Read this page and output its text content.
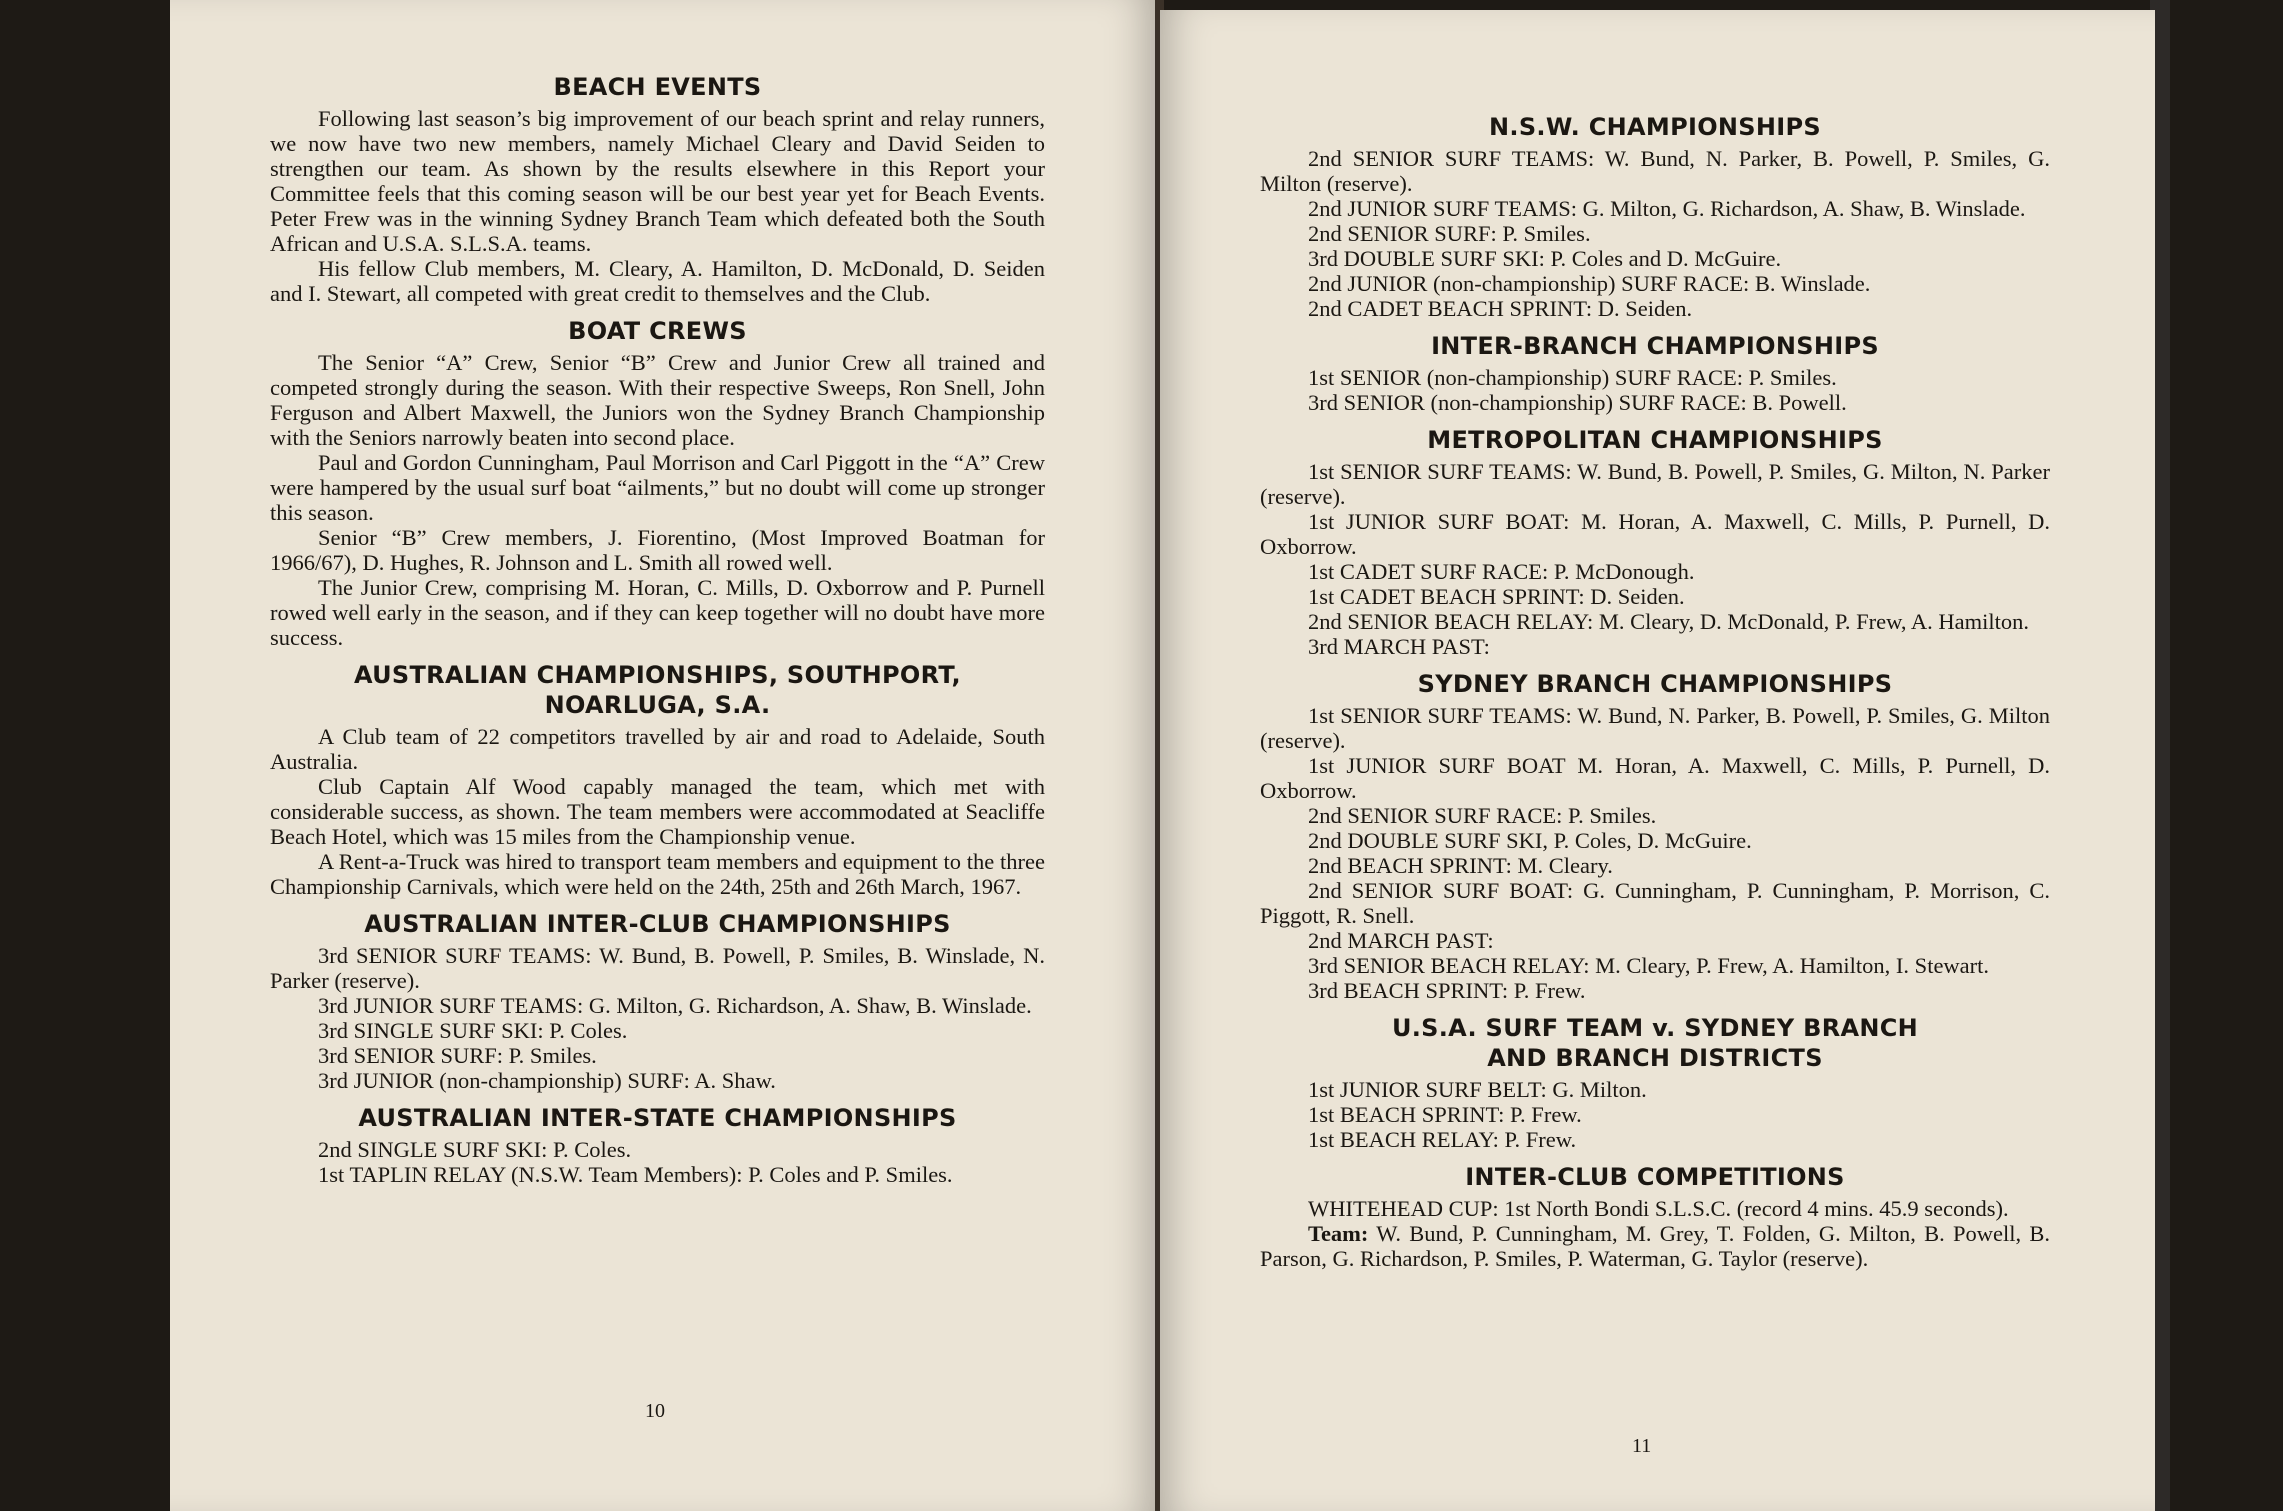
BEACH EVENTS

Following last season’s big improvement of our beach sprint and relay runners, we now have two new members, namely Michael Cleary and David Seiden to strengthen our team. As shown by the results elsewhere in this Report your Committee feels that this coming season will be our best year yet for Beach Events. Peter Frew was in the winning Sydney Branch Team which defeated both the South African and U.S.A. S.L.S.A. teams.

His fellow Club members, M. Cleary, A. Hamilton, D. McDonald, D. Seiden and I. Stewart, all competed with great credit to themselves and the Club.

BOAT CREWS

The Senior “A” Crew, Senior “B” Crew and Junior Crew all trained and competed strongly during the season. With their respective Sweeps, Ron Snell, John Ferguson and Albert Maxwell, the Juniors won the Sydney Branch Championship with the Seniors narrowly beaten into second place.

Paul and Gordon Cunningham, Paul Morrison and Carl Piggott in the “A” Crew were hampered by the usual surf boat “ailments,” but no doubt will come up stronger this season.

Senior “B” Crew members, J. Fiorentino, (Most Improved Boatman for 1966/67), D. Hughes, R. Johnson and L. Smith all rowed well.

The Junior Crew, comprising M. Horan, C. Mills, D. Oxborrow and P. Purnell rowed well early in the season, and if they can keep together will no doubt have more success.

AUSTRALIAN CHAMPIONSHIPS, SOUTHPORT,
NOARLUGA, S.A.

A Club team of 22 competitors travelled by air and road to Adelaide, South Australia.

Club Captain Alf Wood capably managed the team, which met with considerable success, as shown. The team members were accommodated at Seacliffe Beach Hotel, which was 15 miles from the Championship venue.

A Rent-a-Truck was hired to transport team members and equipment to the three Championship Carnivals, which were held on the 24th, 25th and 26th March, 1967.

AUSTRALIAN INTER-CLUB CHAMPIONSHIPS

3rd SENIOR SURF TEAMS: W. Bund, B. Powell, P. Smiles, B. Winslade, N. Parker (reserve).

3rd JUNIOR SURF TEAMS: G. Milton, G. Richardson, A. Shaw, B. Winslade.

3rd SINGLE SURF SKI: P. Coles.

3rd SENIOR SURF: P. Smiles.

3rd JUNIOR (non-championship) SURF: A. Shaw.

AUSTRALIAN INTER-STATE CHAMPIONSHIPS

2nd SINGLE SURF SKI: P. Coles.

1st TAPLIN RELAY (N.S.W. Team Members): P. Coles and P. Smiles.

10
N.S.W. CHAMPIONSHIPS

2nd SENIOR SURF TEAMS: W. Bund, N. Parker, B. Powell, P. Smiles, G. Milton (reserve).

2nd JUNIOR SURF TEAMS: G. Milton, G. Richardson, A. Shaw, B. Winslade.

2nd SENIOR SURF: P. Smiles.

3rd DOUBLE SURF SKI: P. Coles and D. McGuire.

2nd JUNIOR (non-championship) SURF RACE: B. Winslade.

2nd CADET BEACH SPRINT: D. Seiden.

INTER-BRANCH CHAMPIONSHIPS

1st SENIOR (non-championship) SURF RACE: P. Smiles.

3rd SENIOR (non-championship) SURF RACE: B. Powell.

METROPOLITAN CHAMPIONSHIPS

1st SENIOR SURF TEAMS: W. Bund, B. Powell, P. Smiles, G. Milton, N. Parker (reserve).

1st JUNIOR SURF BOAT: M. Horan, A. Maxwell, C. Mills, P. Purnell, D. Oxborrow.

1st CADET SURF RACE: P. McDonough.

1st CADET BEACH SPRINT: D. Seiden.

2nd SENIOR BEACH RELAY: M. Cleary, D. McDonald, P. Frew, A. Hamilton.

3rd MARCH PAST:

SYDNEY BRANCH CHAMPIONSHIPS

1st SENIOR SURF TEAMS: W. Bund, N. Parker, B. Powell, P. Smiles, G. Milton (reserve).

1st JUNIOR SURF BOAT M. Horan, A. Maxwell, C. Mills, P. Purnell, D. Oxborrow.

2nd SENIOR SURF RACE: P. Smiles.

2nd DOUBLE SURF SKI, P. Coles, D. McGuire.

2nd BEACH SPRINT: M. Cleary.

2nd SENIOR SURF BOAT: G. Cunningham, P. Cunningham, P. Morrison, C. Piggott, R. Snell.

2nd MARCH PAST:

3rd SENIOR BEACH RELAY: M. Cleary, P. Frew, A. Hamilton, I. Stewart.

3rd BEACH SPRINT: P. Frew.

U.S.A. SURF TEAM v. SYDNEY BRANCH
AND BRANCH DISTRICTS

1st JUNIOR SURF BELT: G. Milton.

1st BEACH SPRINT: P. Frew.

1st BEACH RELAY: P. Frew.

INTER-CLUB COMPETITIONS

WHITEHEAD CUP: 1st North Bondi S.L.S.C. (record 4 mins. 45.9 seconds).

Team: W. Bund, P. Cunningham, M. Grey, T. Folden, G. Milton, B. Powell, B. Parson, G. Richardson, P. Smiles, P. Waterman, G. Taylor (reserve).

11
